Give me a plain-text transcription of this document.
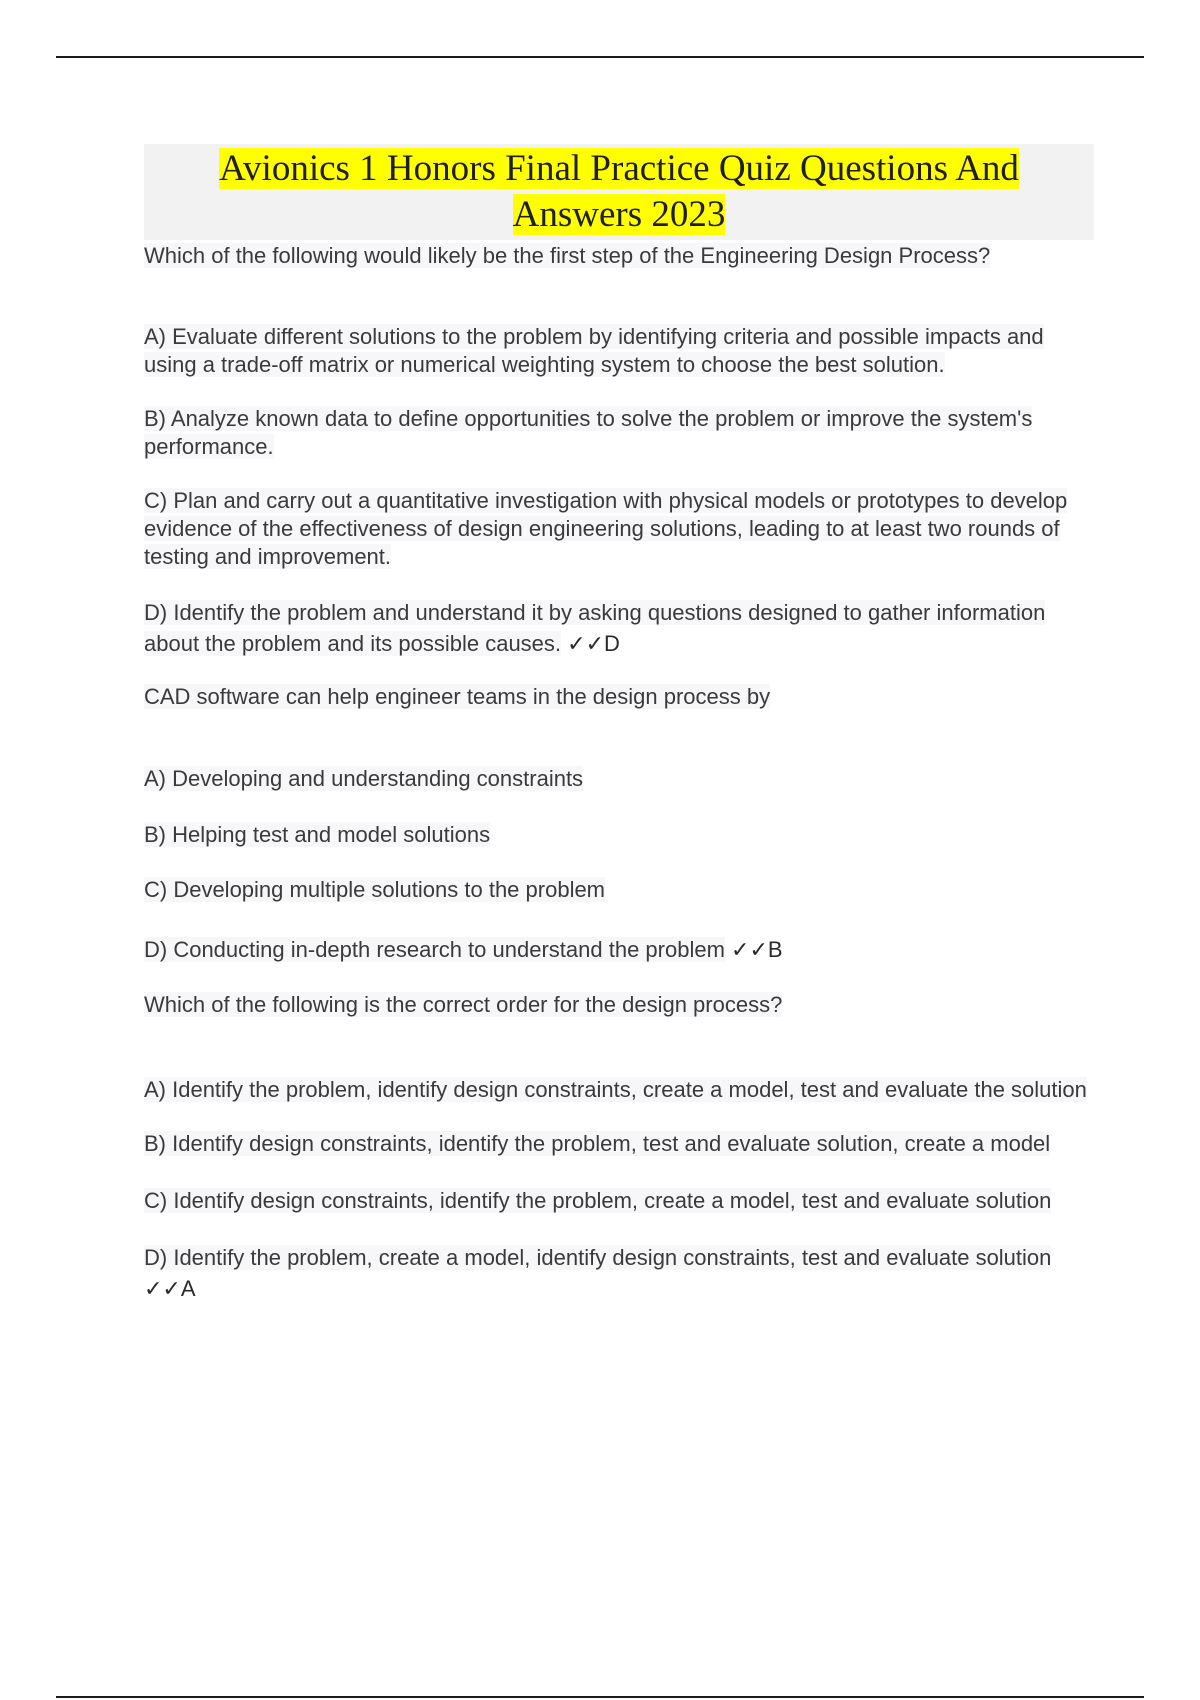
Avionics 1 Honors Final Practice Quiz Questions And
Answers 2023

Which of the following would likely be the first step of the Engineering Design Process?

A) Evaluate different solutions to the problem by identifying criteria and possible impacts and using a trade-off matrix or numerical weighting system to choose the best solution.

B) Analyze known data to define opportunities to solve the problem or improve the system's performance.

C) Plan and carry out a quantitative investigation with physical models or prototypes to develop evidence of the effectiveness of design engineering solutions, leading to at least two rounds of testing and improvement.

D) Identify the problem and understand it by asking questions designed to gather information about the problem and its possible causes. ✓✓D

CAD software can help engineer teams in the design process by

A) Developing and understanding constraints

B) Helping test and model solutions

C) Developing multiple solutions to the problem

D) Conducting in-depth research to understand the problem ✓✓B

Which of the following is the correct order for the design process?

A) Identify the problem, identify design constraints, create a model, test and evaluate the solution

B) Identify design constraints, identify the problem, test and evaluate solution, create a model

C) Identify design constraints, identify the problem, create a model, test and evaluate solution

D) Identify the problem, create a model, identify design constraints, test and evaluate solution ✓✓A
